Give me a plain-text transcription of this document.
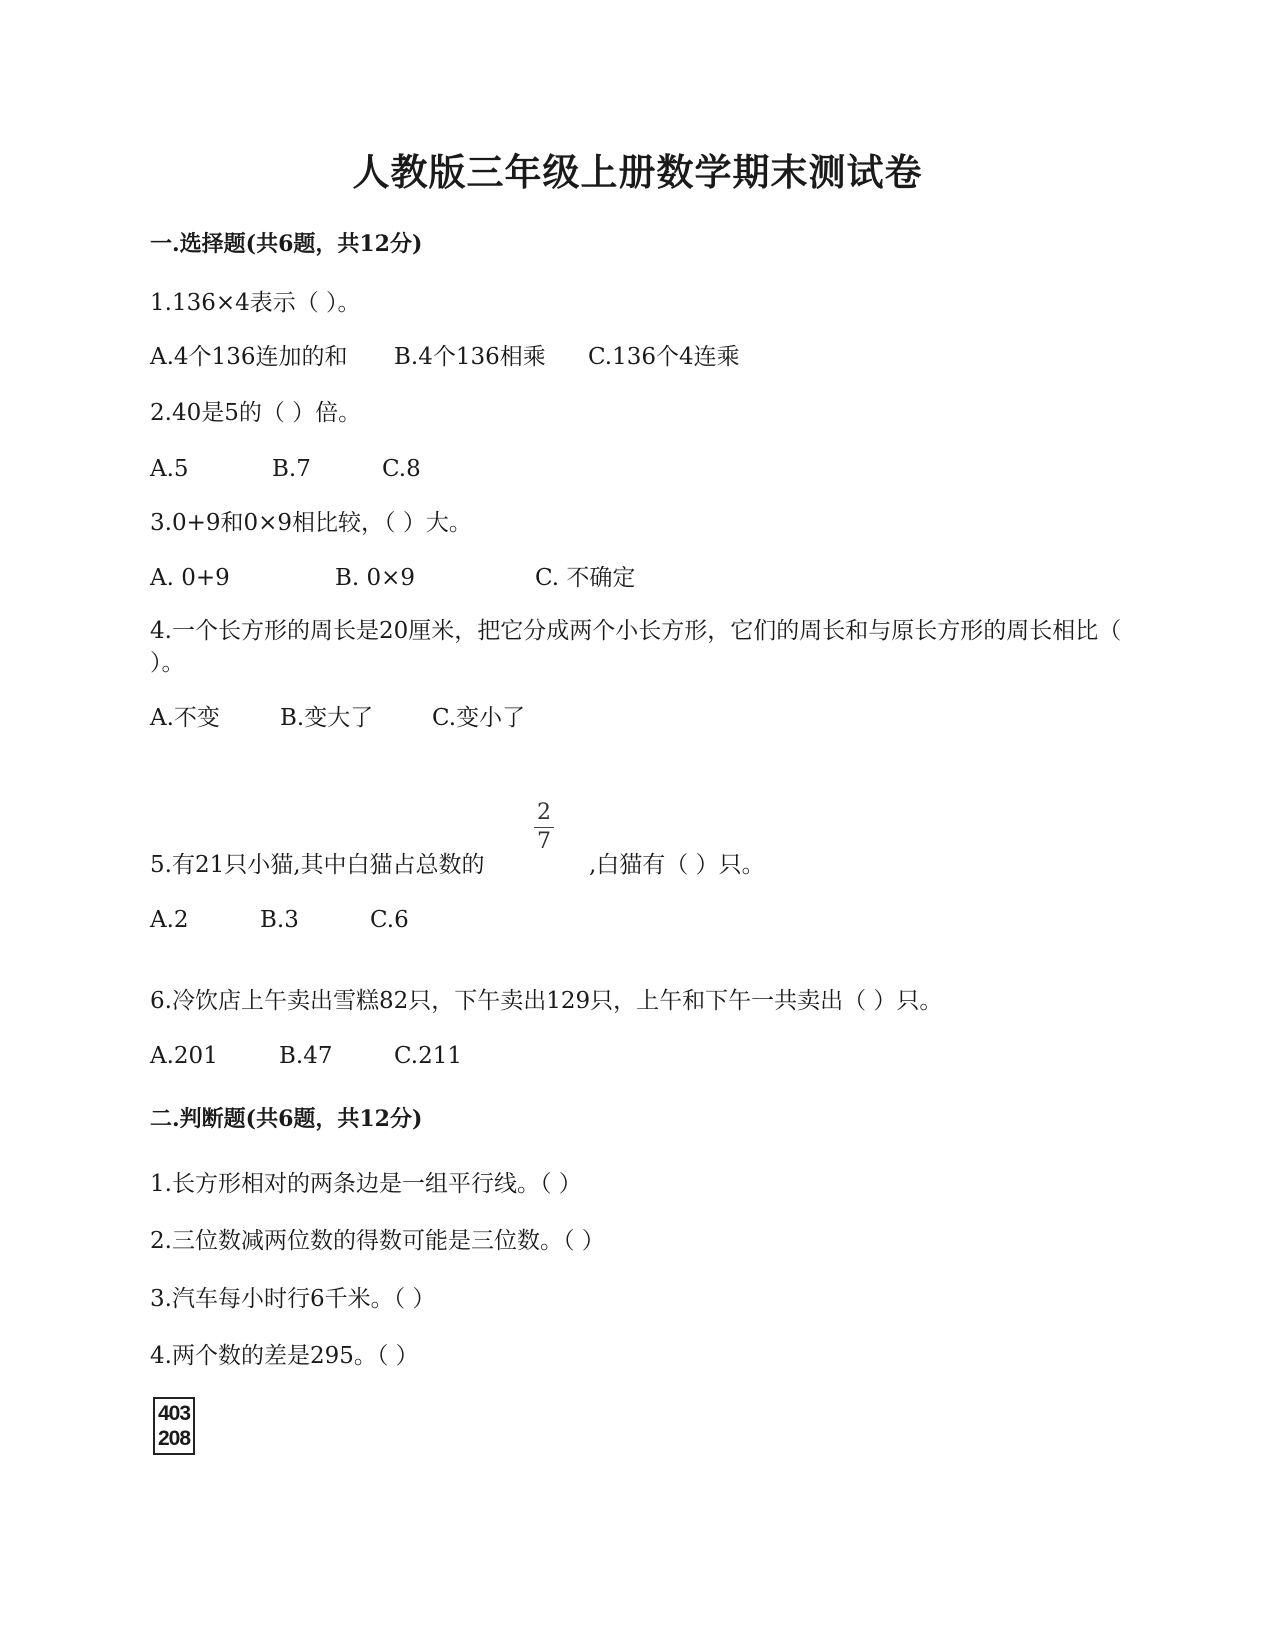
人教版三年级上册数学期末测试卷

一.选择题(共6题，共12分)

1.136×4表示（ ）。

A.4个136连加的和 B.4个136相乘 C.136个4连乘

2.40是5的（ ）倍。

A.5	B.7	C.8

3.0+9和0×9相比较，（ ）大。

A. 0+9	B. 0×9	C. 不确定

4.一个长方形的周长是20厘米，把它分成两个小长方形，它们的周长和与原长方形的周长相比（ ）。

A.不变	B.变大了	C.变小了

2
7

5.有21只小猫,其中白猫占总数的	,白猫有（ ）只。

A.2	B.3	C.6

6.冷饮店上午卖出雪糕82只，下午卖出129只，上午和下午一共卖出（ ）只。

A.201	B.47	C.211

二.判断题(共6题，共12分)

1.长方形相对的两条边是一组平行线。（ ）

2.三位数减两位数的得数可能是三位数。（ ）

3.汽车每小时行6千米。（ ）

4.两个数的差是295。（ ）

403
208
